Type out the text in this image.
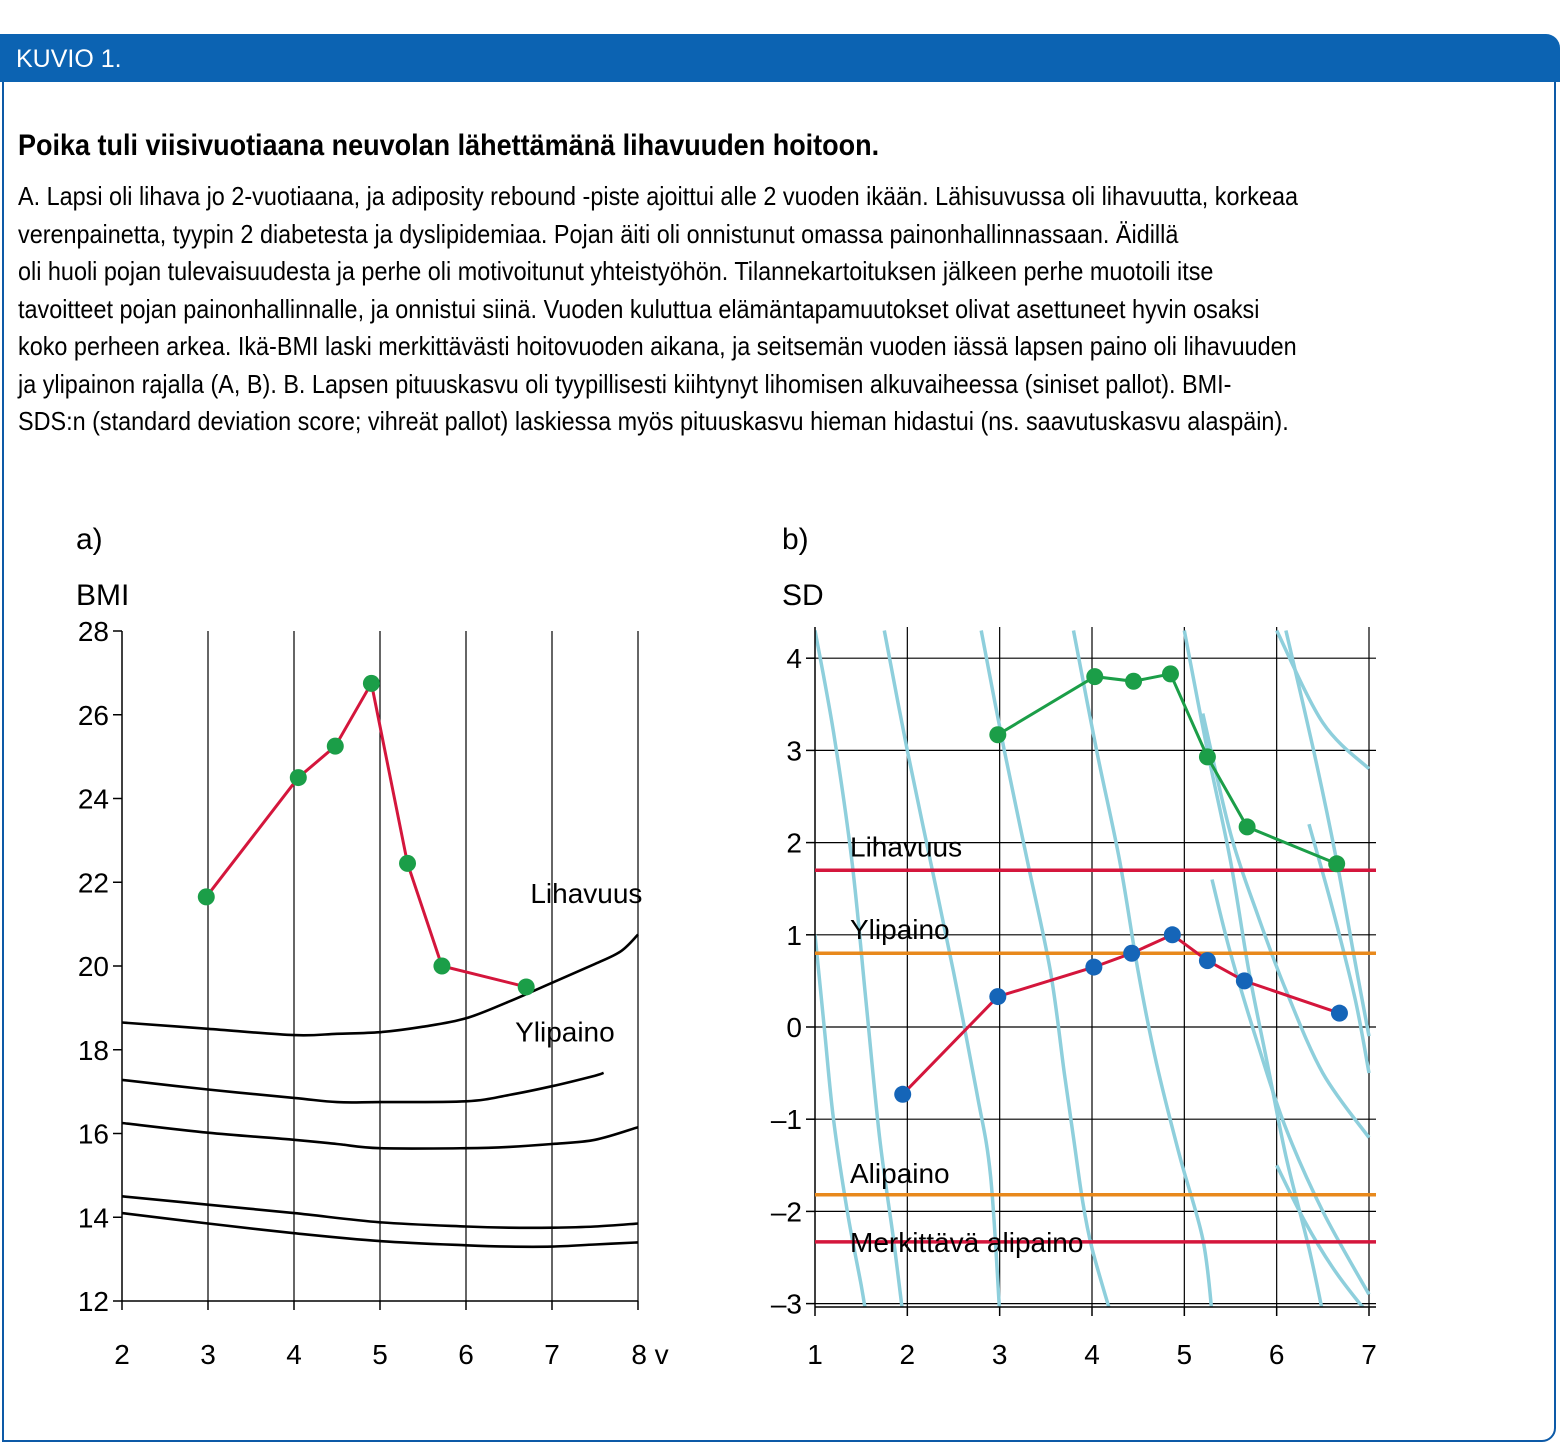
KUVIO 1.
Poika tuli viisivuotiaana neuvolan lähettämänä lihavuuden hoitoon.
A. Lapsi oli lihava jo 2-vuotiaana, ja adiposity rebound -piste ajoittui alle 2 vuoden ikään. Lähisuvussa oli lihavuutta, korkeaa
verenpainetta, tyypin 2 diabetesta ja dyslipidemiaa. Pojan äiti oli onnistunut omassa painonhallinnassaan. Äidillä
oli huoli pojan tulevaisuudesta ja perhe oli motivoitunut yhteistyöhön. Tilannekartoituksen jälkeen perhe muotoili itse
tavoitteet pojan painonhallinnalle, ja onnistui siinä. Vuoden kuluttua elämäntapamuutokset olivat asettuneet hyvin osaksi
koko perheen arkea. Ikä-BMI laski merkittävästi hoitovuoden aikana, ja seitsemän vuoden iässä lapsen paino oli lihavuuden
ja ylipainon rajalla (A, B). B. Lapsen pituuskasvu oli tyypillisesti kiihtynyt lihomisen alkuvaiheessa (siniset pallot). BMI-
SDS:n (standard deviation score; vihreät pallot) laskiessa myös pituuskasvu hieman hidastui (ns. saavutuskasvu alaspäin).
a)
BMI
12
14
16
18
20
22
24
26
28
2	3	4	5	6	7	8 v
Lihavuus
Ylipaino
b)
SD
–3
–2
–1
0
1
2
3
4
1	2	3	4	5	6	7
Lihavuus
Ylipaino
Alipaino
Merkittävä alipaino
